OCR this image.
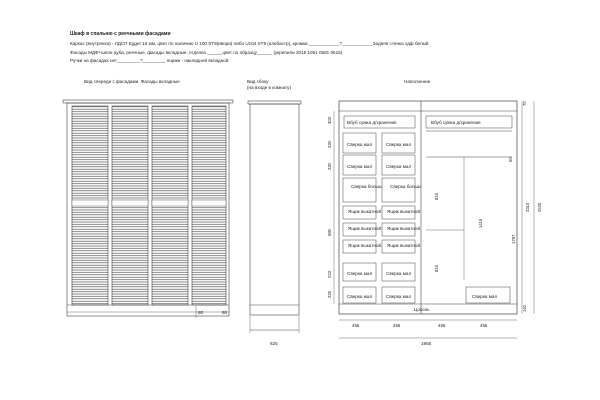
Шкаф в спальню с реечными фасадами
Каркас (внутрянка) - ЛДСП Egger 16 мм, цвет по наличию U 100 ST9(ивори) либо U104 ST9 (алебастр), кромка ____________?____________Задняя стенка хдф белый
Фасады МДФ+шпон дуба, реечные, фасады вкладные, отделка ______цвет по образцу______ (укрепили 2015 1051 0581 0515)
Ручки на фасадах нет_________?_________ ящики - накладной вкладной
Вид спереди с фасадами. Фасады вкладные	Вид сбоку
(на входе в комнату)
Наполнение
80	80
625
Вбуб сумка д/хранения	Вбуб сумка д/хранения
Сверка мал	Сверка мал
Сверка мал	Сверка мал
Сверка больш Сверка больш
Ящик выкатной Ящик выкатной
Ящик выкатной Ящик выкатной
Ящик выкатной Ящик выкатной
Сверка мал	Сверка мал
Сверка мал	Сверка мал	Сверка мал
Цоколь
303
230
230
680
223
225
60
816
1416
816
70
2310 2520
1787
140
456	456	456	456
1955
